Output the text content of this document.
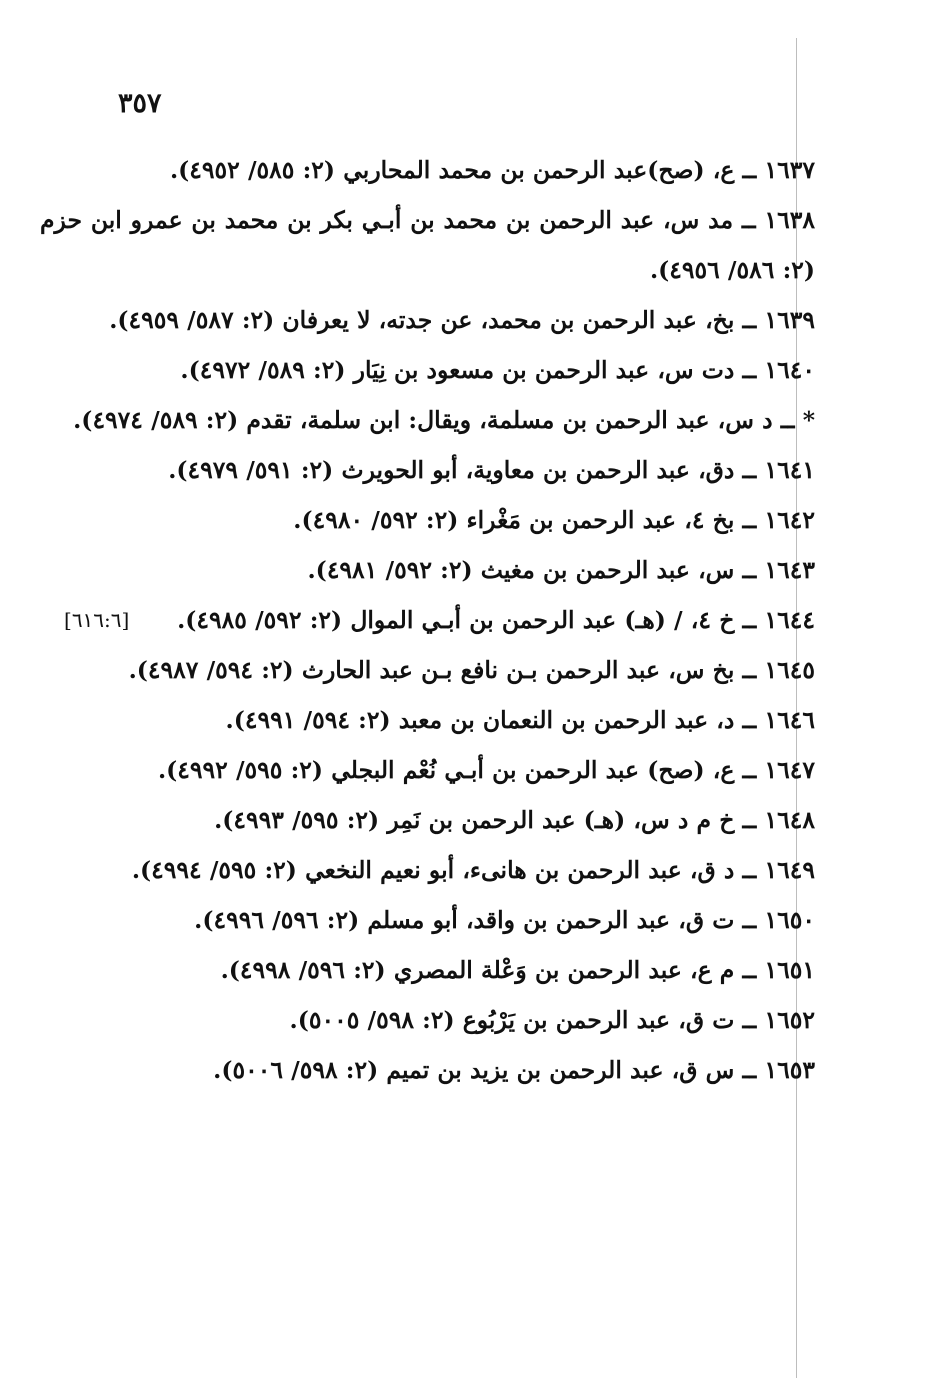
٣٥٧
١٦٣٧ ــ ع، (صح)عبد الرحمن بن محمد المحاربي (٢: ٥٨٥/ ٤٩٥٢).
١٦٣٨ ــ مد س، عبد الرحمن بن محمد بن أبـي بكر بن محمد بن عمرو ابن حزم (٢: ٥٨٦/ ٤٩٥٦).
١٦٣٩ ــ بخ، عبد الرحمن بن محمد، عن جدته، لا يعرفان (٢: ٥٨٧/ ٤٩٥٩).
١٦٤٠ ــ دت س، عبد الرحمن بن مسعود بن نِيَار (٢: ٥٨٩/ ٤٩٧٢).
* ــ د س، عبد الرحمن بن مسلمة، ويقال: ابن سلمة، تقدم (٢: ٥٨٩/ ٤٩٧٤).
١٦٤١ ــ دق، عبد الرحمن بن معاوية، أبو الحويرث (٢: ٥٩١/ ٤٩٧٩).
١٦٤٢ ــ بخ ٤، عبد الرحمن بن مَغْراء (٢: ٥٩٢/ ٤٩٨٠).
١٦٤٣ ــ س، عبد الرحمن بن مغيث (٢: ٥٩٢/ ٤٩٨١).
١٦٤٤ ــ خ ٤، / (هـ) عبد الرحمن بن أبـي الموال (٢: ٥٩٢/ ٤٩٨٥).
[٦١٦:٦]
١٦٤٥ ــ بخ س، عبد الرحمن بـن نافع بـن عبد الحارث (٢: ٥٩٤/ ٤٩٨٧).
١٦٤٦ ــ د، عبد الرحمن بن النعمان بن معبد (٢: ٥٩٤/ ٤٩٩١).
١٦٤٧ ــ ع، (صح) عبد الرحمن بن أبـي نُعْم البجلي (٢: ٥٩٥/ ٤٩٩٢).
١٦٤٨ ــ خ م د س، (هـ) عبد الرحمن بن نَمِر (٢: ٥٩٥/ ٤٩٩٣).
١٦٤٩ ــ د ق، عبد الرحمن بن هانىء، أبو نعيم النخعي (٢: ٥٩٥/ ٤٩٩٤).
١٦٥٠ ــ ت ق، عبد الرحمن بن واقد، أبو مسلم (٢: ٥٩٦/ ٤٩٩٦).
١٦٥١ ــ م ع، عبد الرحمن بن وَعْلة المصري (٢: ٥٩٦/ ٤٩٩٨).
١٦٥٢ ــ ت ق، عبد الرحمن بن يَرْبُوع (٢: ٥٩٨/ ٥٠٠٥).
١٦٥٣ ــ س ق، عبد الرحمن بن يزيد بن تميم (٢: ٥٩٨/ ٥٠٠٦).
